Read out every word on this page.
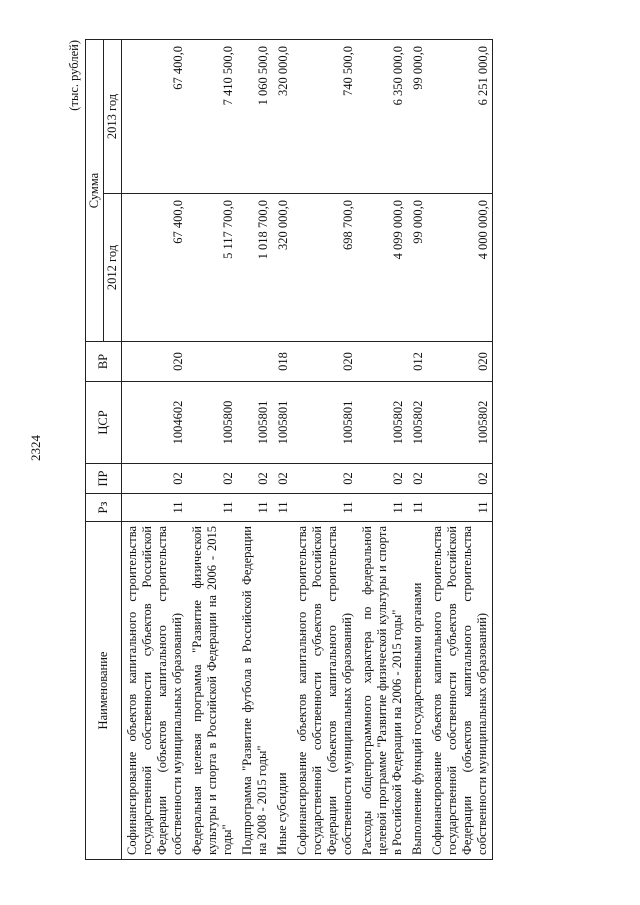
2324
(тыс. рублей)
Наименование	Рз	ПР	ЦСР	ВР	Сумма	
					2012 год	2013 год
Софинансирование объектов капитального строительства государственной собственности субъектов Российской Федерации (объектов капитального строительства собственности муниципальных образований)	11	02	1004602	020	67 400,0	67 400,0
Федеральная целевая программа "Развитие физической культуры и спорта в Российской Федерации на 2006 - 2015 годы"	11	02	1005800		5 117 700,0	7 410 500,0
Подпрограмма "Развитие футбола в Российской Федерации на 2008 - 2015 годы"	11	02	1005801		1 018 700,0	1 060 500,0
Иные субсидии	11	02	1005801	018	320 000,0	320 000,0
Софинансирование объектов капитального строительства государственной собственности субъектов Российской Федерации (объектов капитального строительства собственности муниципальных образований)	11	02	1005801	020	698 700,0	740 500,0
Расходы общепрограммного характера по федеральной целевой программе "Развитие физической культуры и спорта в Российской Федерации на 2006 - 2015 годы"	11	02	1005802		4 099 000,0	6 350 000,0
Выполнение функций государственными органами	11	02	1005802	012	99 000,0	99 000,0
Софинансирование объектов капитального строительства государственной собственности субъектов Российской Федерации (объектов капитального строительства собственности муниципальных образований)	11	02	1005802	020	4 000 000,0	6 251 000,0
